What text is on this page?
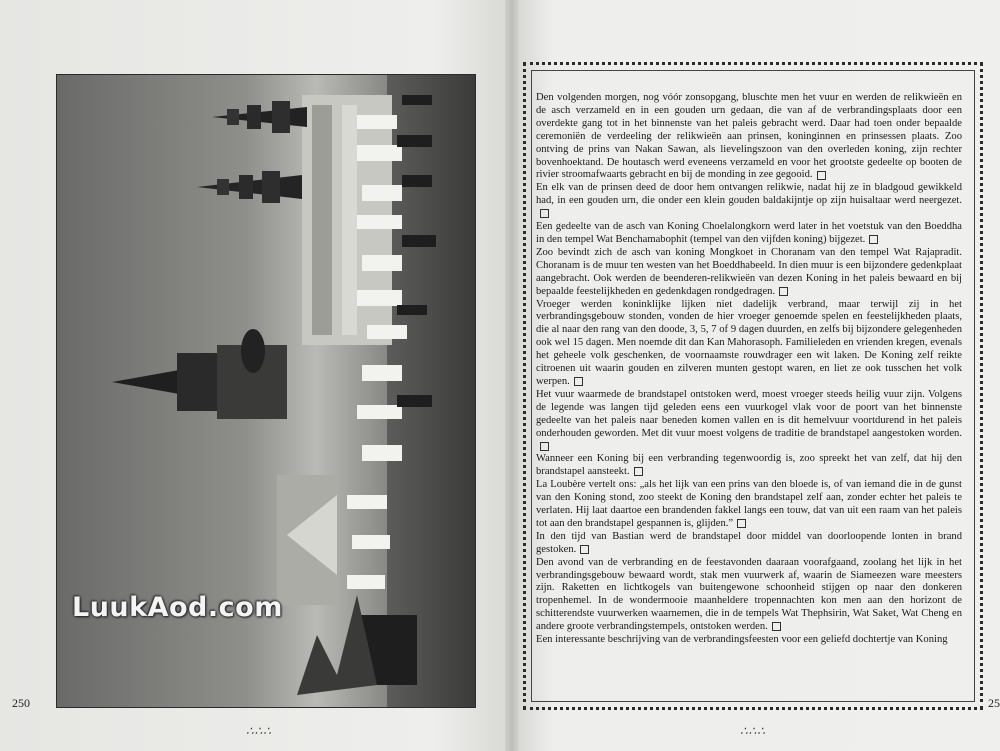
LuukAod.com
250
∴∴∴

Den volgenden morgen, nog vóór zonsopgang, bluschte men het vuur en werden de relikwieën en de asch verzameld en in een gouden urn gedaan, die van af de verbrandingsplaats door een overdekte gang tot in het binnenste van het paleis gebracht werd. Daar had toen onder bepaalde ceremoniën de verdeeling der relikwieën aan prinsen, koninginnen en prinsessen plaats. Zoo ontving de prins van Nakan Sawan, als lievelingszoon van den overleden koning, zijn rechter bovenhoektand. De houtasch werd eveneens verzameld en voor het grootste gedeelte op booten de rivier stroomafwaarts gebracht en bij de monding in zee gegooid.

En elk van de prinsen deed de door hem ontvangen relikwie, nadat hij ze in bladgoud gewikkeld had, in een gouden urn, die onder een klein gouden baldakijntje op zijn huisaltaar werd neergezet.

Een gedeelte van de asch van Koning Choelalongkorn werd later in het voetstuk van den Boeddha in den tempel Wat Benchamabophit (tempel van den vijfden koning) bijgezet.

Zoo bevindt zich de asch van koning Mongkoet in Choranam van den tempel Wat Rajapradit. Choranam is de muur ten westen van het Boeddhabeeld. In dien muur is een bijzondere gedenkplaat aangebracht. Ook werden de beenderen-relikwieën van dezen Koning in het paleis bewaard en bij bepaalde feestelijkheden en gedenkdagen rondgedragen.

Vroeger werden koninklijke lijken niet dadelijk verbrand, maar terwijl zij in het verbrandingsgebouw stonden, vonden de hier vroeger genoemde spelen en feestelijkheden plaats, die al naar den rang van den doode, 3, 5, 7 of 9 dagen duurden, en zelfs bij bijzondere gelegenheden ook wel 15 dagen. Men noemde dit dan Kan Mahorasoph. Familieleden en vrienden kregen, evenals het geheele volk geschenken, de voornaamste rouwdrager een wit laken. De Koning zelf reikte citroenen uit waarin gouden en zilveren munten gestopt waren, en liet ze ook tusschen het volk werpen.

Het vuur waarmede de brandstapel ontstoken werd, moest vroeger steeds heilig vuur zijn. Volgens de legende was langen tijd geleden eens een vuurkogel vlak voor de poort van het binnenste gedeelte van het paleis naar beneden komen vallen en is dit hemelvuur voortdurend in het paleis onderhouden geworden. Met dit vuur moest volgens de traditie de brandstapel aangestoken worden.

Wanneer een Koning bij een verbranding tegenwoordig is, zoo spreekt het van zelf, dat hij den brandstapel aansteekt.

La Loubère vertelt ons: „als het lijk van een prins van den bloede is, of van iemand die in de gunst van den Koning stond, zoo steekt de Koning den brandstapel zelf aan, zonder echter het paleis te verlaten. Hij laat daartoe een brandenden fakkel langs een touw, dat van uit een raam van het paleis tot aan den brandstapel gespannen is, glijden.”

In den tijd van Bastian werd de brandstapel door middel van doorloopende lonten in brand gestoken.

Den avond van de verbranding en de feestavonden daaraan voorafgaand, zoolang het lijk in het verbrandingsgebouw bewaard wordt, stak men vuurwerk af, waarin de Siameezen ware meesters zijn. Raketten en lichtkogels van buitengewone schoonheid stijgen op naar den donkeren tropenhemel. In de wondermooie maanheldere tropennachten kon men aan den horizont de schitterendste vuurwerken waarnemen, die in de tempels Wat Thephsirin, Wat Saket, Wat Cheng en andere groote verbrandingstempels, ontstoken werden.

Een interessante beschrijving van de verbrandingsfeesten voor een geliefd dochtertje van Koning

25
∴∴∴
